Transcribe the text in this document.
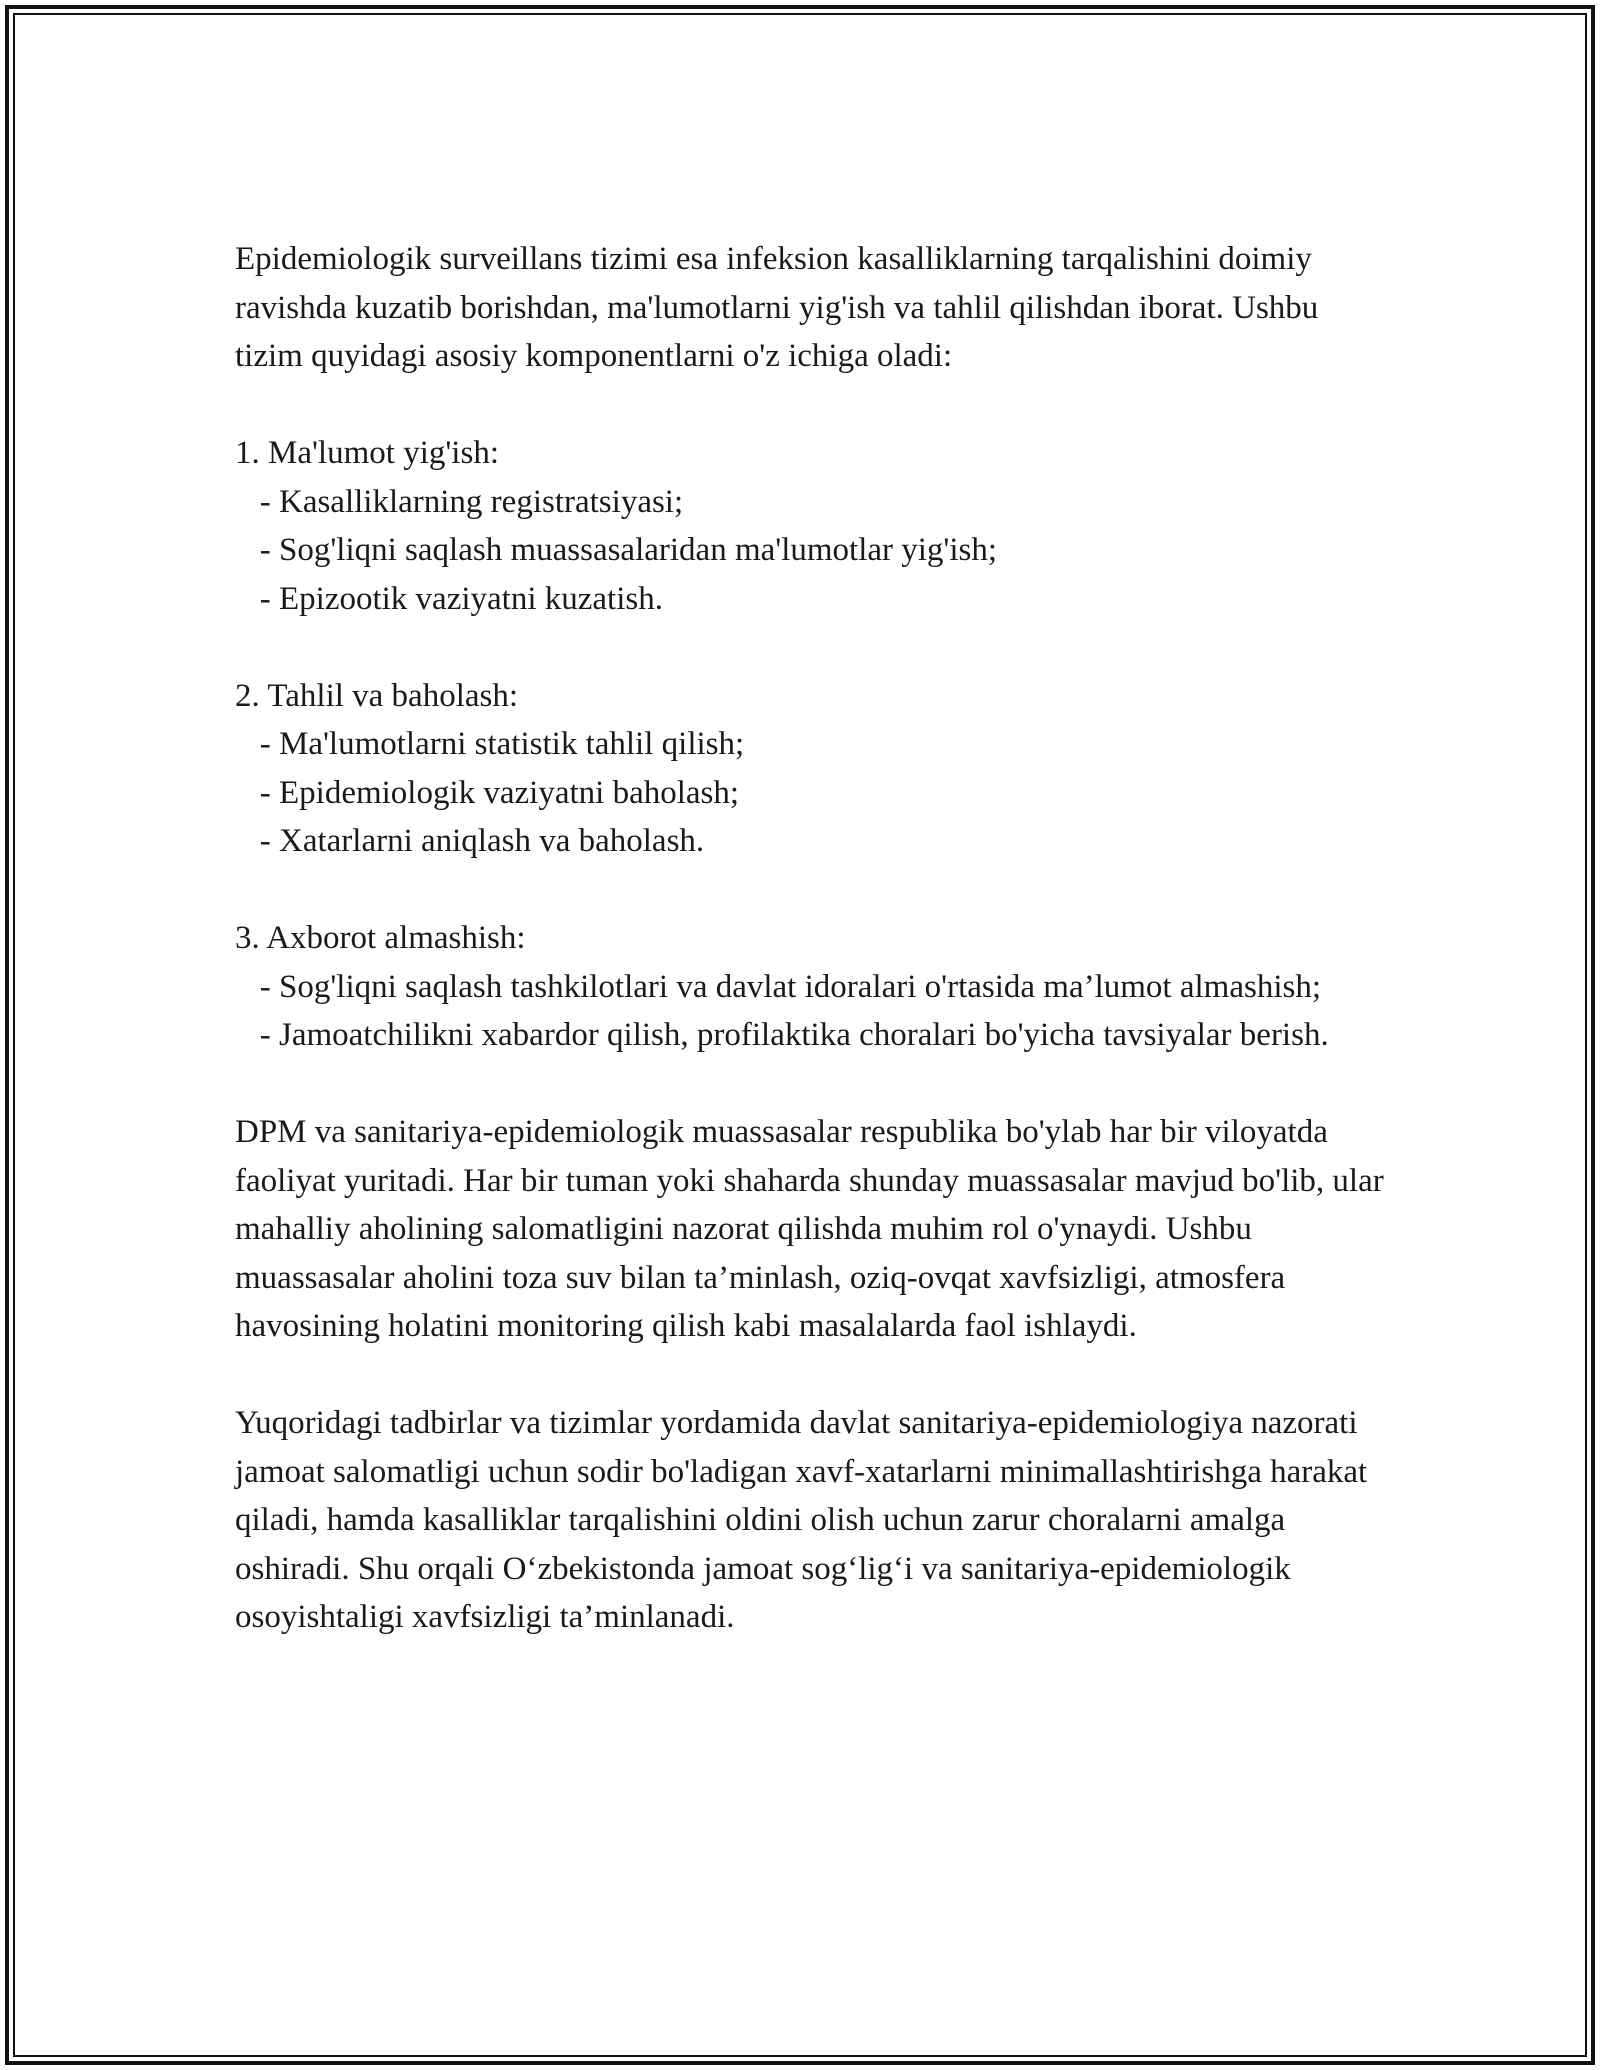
Epidemiologik surveillans tizimi esa infeksion kasalliklarning tarqalishini doimiy ravishda kuzatib borishdan, ma'lumotlarni yig'ish va tahlil qilishdan iborat. Ushbu tizim quyidagi asosiy komponentlarni o'z ichiga oladi:

1. Ma'lumot yig'ish:

- Kasalliklarning registratsiyasi;

- Sog'liqni saqlash muassasalaridan ma'lumotlar yig'ish;

- Epizootik vaziyatni kuzatish.

2. Tahlil va baholash:

- Ma'lumotlarni statistik tahlil qilish;

- Epidemiologik vaziyatni baholash;

- Xatarlarni aniqlash va baholash.

3. Axborot almashish:

- Sog'liqni saqlash tashkilotlari va davlat idoralari o'rtasida ma’lumot almashish;

- Jamoatchilikni xabardor qilish, profilaktika choralari bo'yicha tavsiyalar berish.

DPM va sanitariya-epidemiologik muassasalar respublika bo'ylab har bir viloyatda faoliyat yuritadi. Har bir tuman yoki shaharda shunday muassasalar mavjud bo'lib, ular mahalliy aholining salomatligini nazorat qilishda muhim rol o'ynaydi. Ushbu muassasalar aholini toza suv bilan ta’minlash, oziq-ovqat xavfsizligi, atmosfera havosining holatini monitoring qilish kabi masalalarda faol ishlaydi.

Yuqoridagi tadbirlar va tizimlar yordamida davlat sanitariya-epidemiologiya nazorati jamoat salomatligi uchun sodir bo'ladigan xavf-xatarlarni minimallashtirishga harakat qiladi, hamda kasalliklar tarqalishini oldini olish uchun zarur choralarni amalga oshiradi. Shu orqali O‘zbekistonda jamoat sog‘lig‘i va sanitariya-epidemiologik osoyishtaligi xavfsizligi ta’minlanadi.
